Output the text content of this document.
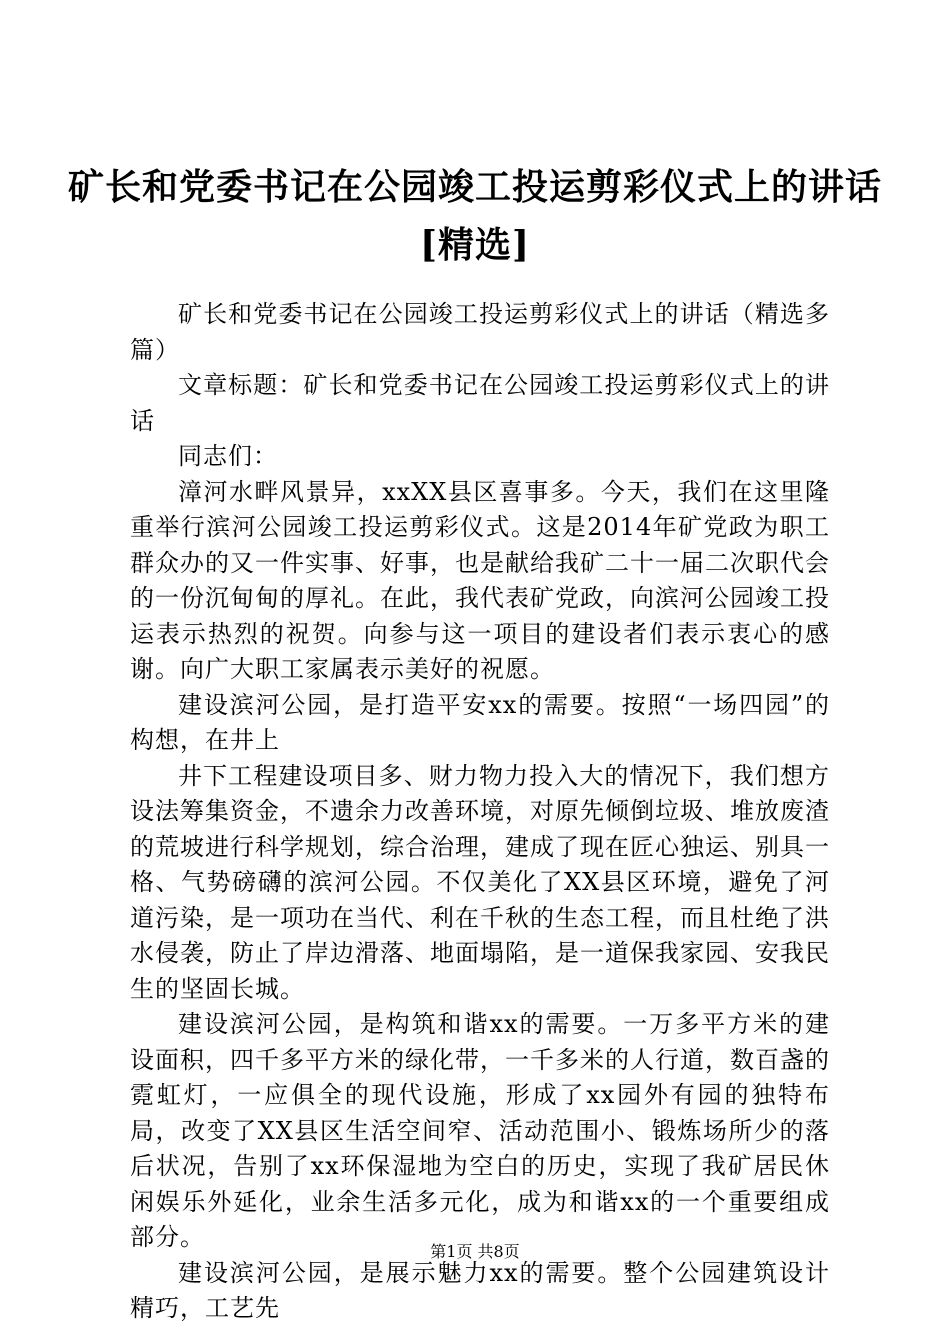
矿长和党委书记在公园竣工投运剪彩仪式上的讲话[精选]

矿长和党委书记在公园竣工投运剪彩仪式上的讲话（精选多篇）

文章标题：矿长和党委书记在公园竣工投运剪彩仪式上的讲话

同志们：

漳河水畔风景异，xxXX县区喜事多。今天，我们在这里隆重举行滨河公园竣工投运剪彩仪式。这是2014年矿党政为职工群众办的又一件实事、好事，也是献给我矿二十一届二次职代会的一份沉甸甸的厚礼。在此，我代表矿党政，向滨河公园竣工投运表示热烈的祝贺。向参与这一项目的建设者们表示衷心的感谢。向广大职工家属表示美好的祝愿。

建设滨河公园，是打造平安xx的需要。按照“一场四园”的构想，在井上

井下工程建设项目多、财力物力投入大的情况下，我们想方设法筹集资金，不遗余力改善环境，对原先倾倒垃圾、堆放废渣的荒坡进行科学规划，综合治理，建成了现在匠心独运、别具一格、气势磅礴的滨河公园。不仅美化了XX县区环境，避免了河道污染，是一项功在当代、利在千秋的生态工程，而且杜绝了洪水侵袭，防止了岸边滑落、地面塌陷，是一道保我家园、安我民生的坚固长城。

建设滨河公园，是构筑和谐xx的需要。一万多平方米的建设面积，四千多平方米的绿化带，一千多米的人行道，数百盏的霓虹灯，一应俱全的现代设施，形成了xx园外有园的独特布局，改变了XX县区生活空间窄、活动范围小、锻炼场所少的落后状况，告别了xx环保湿地为空白的历史，实现了我矿居民休闲娱乐外延化，业余生活多元化，成为和谐xx的一个重要组成部分。

建设滨河公园，是展示魅力xx的需要。整个公园建筑设计精巧，工艺先

第1页 共8页
